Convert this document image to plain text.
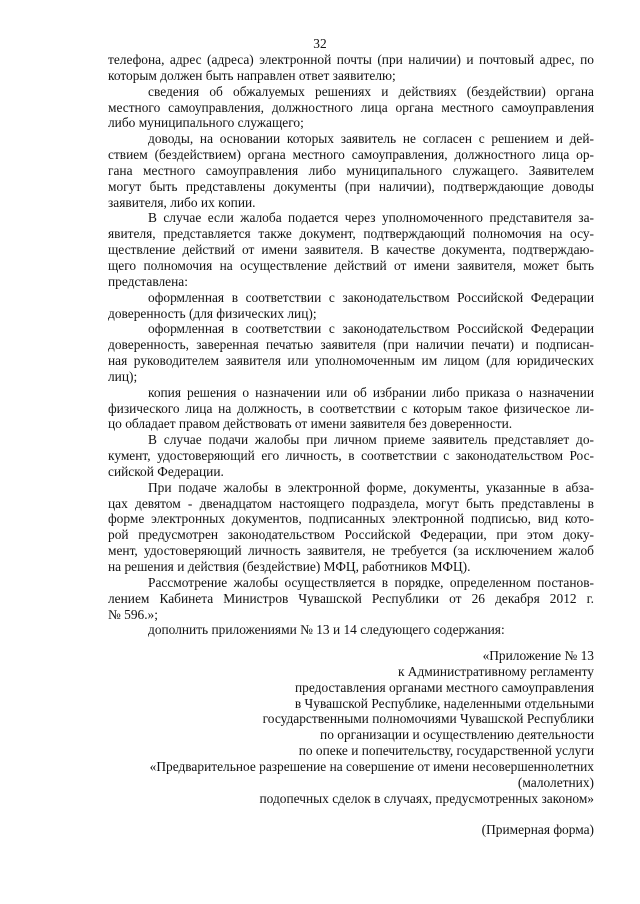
32
телефона, адрес (адреса) электронной почты (при наличии) и почтовый адрес, по
которым должен быть направлен ответ заявителю;
сведения об обжалуемых решениях и действиях (бездействии) органа
местного самоуправления, должностного лица органа местного самоуправления
либо муниципального служащего;
доводы, на основании которых заявитель не согласен с решением и дей-
ствием (бездействием) органа местного самоуправления, должностного лица ор-
гана местного самоуправления либо муниципального служащего. Заявителем
могут быть представлены документы (при наличии), подтверждающие доводы
заявителя, либо их копии.
В случае если жалоба подается через уполномоченного представителя за-
явителя, представляется также документ, подтверждающий полномочия на осу-
ществление действий от имени заявителя. В качестве документа, подтверждаю-
щего полномочия на осуществление действий от имени заявителя, может быть
представлена:
оформленная в соответствии с законодательством Российской Федерации
доверенность (для физических лиц);
оформленная в соответствии с законодательством Российской Федерации
доверенность, заверенная печатью заявителя (при наличии печати) и подписан-
ная руководителем заявителя или уполномоченным им лицом (для юридических
лиц);
копия решения о назначении или об избрании либо приказа о назначении
физического лица на должность, в соответствии с которым такое физическое ли-
цо обладает правом действовать от имени заявителя без доверенности.
В случае подачи жалобы при личном приеме заявитель представляет до-
кумент, удостоверяющий его личность, в соответствии с законодательством Рос-
сийской Федерации.
При подаче жалобы в электронной форме, документы, указанные в абза-
цах девятом - двенадцатом настоящего подраздела, могут быть представлены в
форме электронных документов, подписанных электронной подписью, вид кото-
рой предусмотрен законодательством Российской Федерации, при этом доку-
мент, удостоверяющий личность заявителя, не требуется (за исключением жалоб
на решения и действия (бездействие) МФЦ, работников МФЦ).
Рассмотрение жалобы осуществляется в порядке, определенном постанов-
лением Кабинета Министров Чувашской Республики от 26 декабря 2012 г.
№ 596.»;
дополнить приложениями № 13 и 14 следующего содержания:
«Приложение № 13
к Административному регламенту
предоставления органами местного самоуправления
в Чувашской Республике, наделенными отдельными
государственными полномочиями Чувашской Республики
по организации и осуществлению деятельности
по опеке и попечительству, государственной услуги
«Предварительное разрешение на совершение от имени несовершеннолетних
(малолетних)
подопечных сделок в случаях, предусмотренных законом»
(Примерная форма)
